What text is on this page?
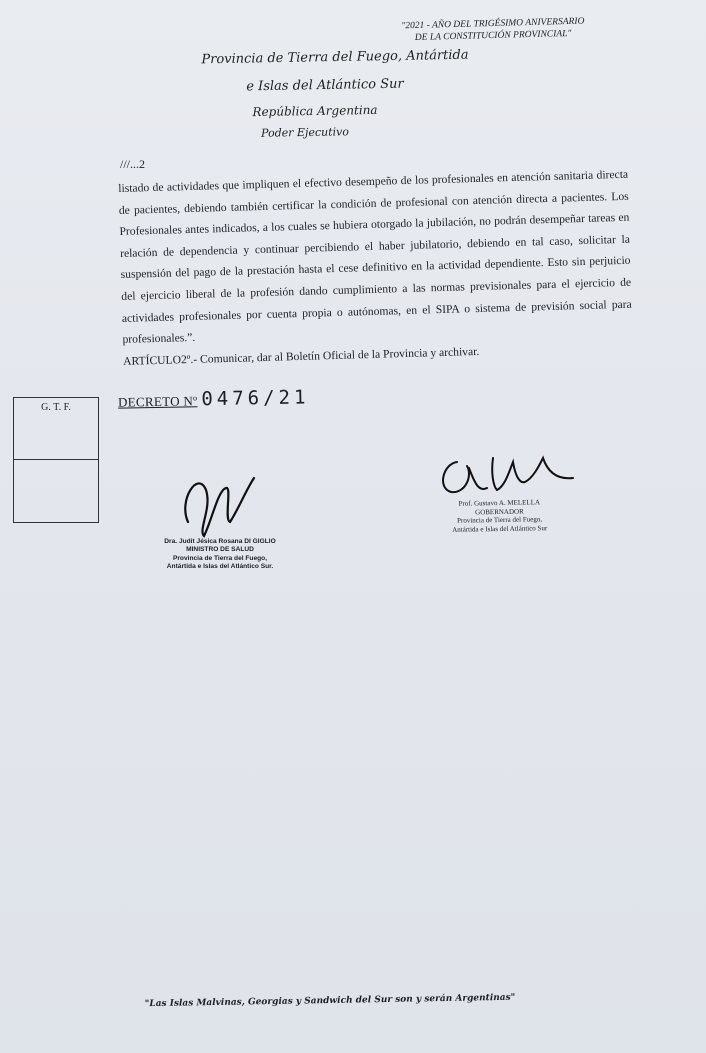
"2021 - AÑO DEL TRIGÉSIMO ANIVERSARIO
DE LA CONSTITUCIÓN PROVINCIAL"
Provincia de Tierra del Fuego, Antártida
e Islas del Atlántico Sur
República Argentina
Poder Ejecutivo
///...2

listado de actividades que impliquen el efectivo desempeño de los profesionales en atención sanitaria directa de pacientes, debiendo también certificar la condición de profesional con atención directa a pacientes. Los Profesionales antes indicados, a los cuales se hubiera otorgado la jubilación, no podrán desempeñar tareas en relación de dependencia y continuar percibiendo el haber jubilatorio, debiendo en tal caso, solicitar la suspensión del pago de la prestación hasta el cese definitivo en la actividad dependiente. Esto sin perjuicio del ejercicio liberal de la profesión dando cumplimiento a las normas previsionales para el ejercicio de actividades profesionales por cuenta propia o autónomas, en el SIPA o sistema de previsión social para profesionales.”.

ARTÍCULO2º.- Comunicar, dar al Boletín Oficial de la Provincia y archivar.

DECRETO Nº 0476/21
G. T. F.
Dra. Judit Jésica Rosana DI GIGLIO
MINISTRO DE SALUD
Provincia de Tierra del Fuego,
Antártida e Islas del Atlántico Sur.
Prof. Gustavo A. MELELLA
GOBERNADOR
Provincia de Tierra del Fuego,
Antártida e Islas del Atlántico Sur
"Las Islas Malvinas, Georgias y Sandwich del Sur son y serán Argentinas"
